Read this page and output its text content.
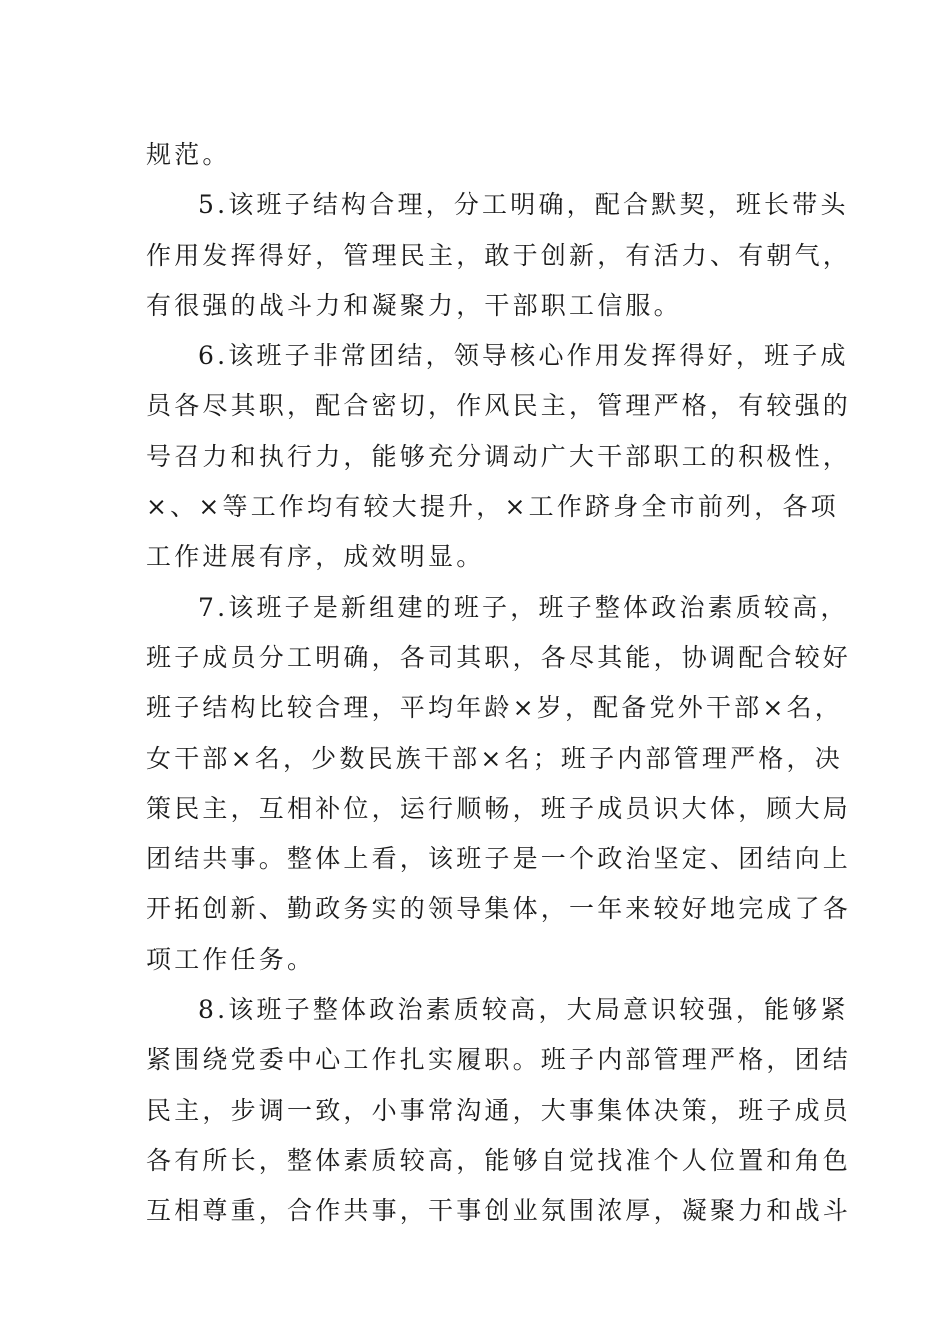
规范。
5.该班子结构合理，分工明确，配合默契，班长带头
作用发挥得好，管理民主，敢于创新，有活力、有朝气，
有很强的战斗力和凝聚力，干部职工信服。
6.该班子非常团结，领导核心作用发挥得好，班子成
员各尽其职，配合密切，作风民主，管理严格，有较强的
号召力和执行力，能够充分调动广大干部职工的积极性，
×、×等工作均有较大提升，×工作跻身全市前列，各项
工作进展有序，成效明显。
7.该班子是新组建的班子，班子整体政治素质较高，
班子成员分工明确，各司其职，各尽其能，协调配合较好
班子结构比较合理，平均年龄×岁，配备党外干部×名，
女干部×名，少数民族干部×名；班子内部管理严格，决
策民主，互相补位，运行顺畅，班子成员识大体，顾大局
团结共事。整体上看，该班子是一个政治坚定、团结向上
开拓创新、勤政务实的领导集体，一年来较好地完成了各
项工作任务。
8.该班子整体政治素质较高，大局意识较强，能够紧
紧围绕党委中心工作扎实履职。班子内部管理严格，团结
民主，步调一致，小事常沟通，大事集体决策，班子成员
各有所长，整体素质较高，能够自觉找准个人位置和角色
互相尊重，合作共事，干事创业氛围浓厚，凝聚力和战斗
